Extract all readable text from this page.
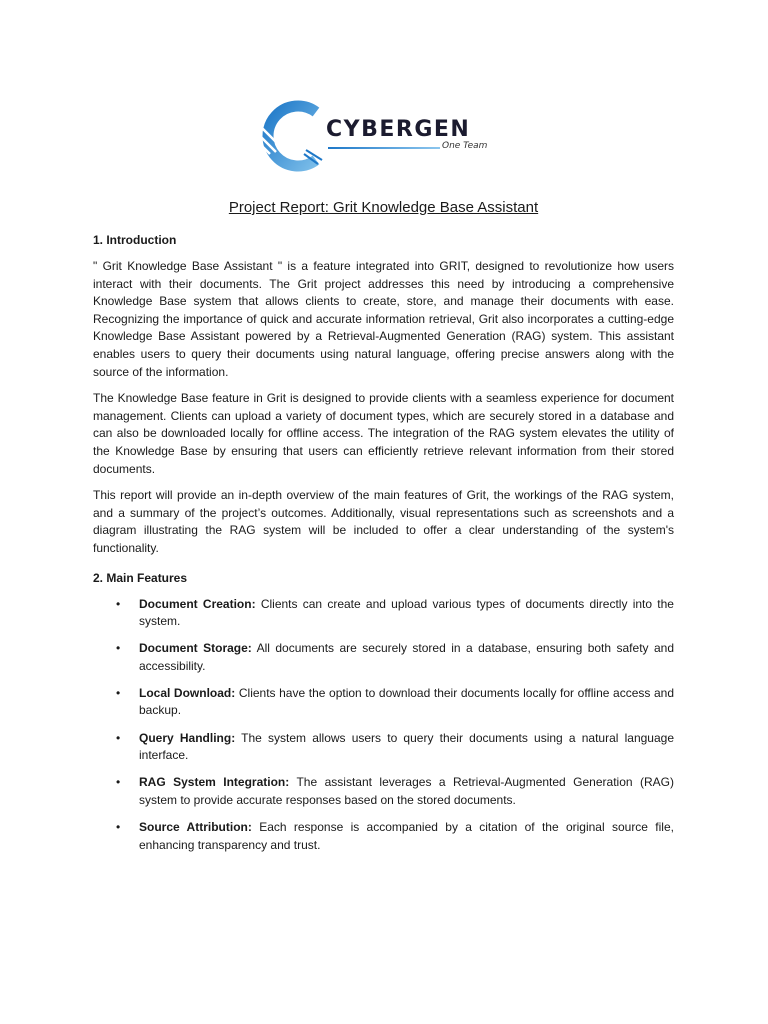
CYBERGEN
One Team
Project Report: Grit Knowledge Base Assistant
1. Introduction

" Grit Knowledge Base Assistant " is a feature integrated into GRIT, designed to revolutionize how users interact with their documents. The Grit project addresses this need by introducing a comprehensive Knowledge Base system that allows clients to create, store, and manage their documents with ease. Recognizing the importance of quick and accurate information retrieval, Grit also incorporates a cutting-edge Knowledge Base Assistant powered by a Retrieval-Augmented Generation (RAG) system. This assistant enables users to query their documents using natural language, offering precise answers along with the source of the information.

The Knowledge Base feature in Grit is designed to provide clients with a seamless experience for document management. Clients can upload a variety of document types, which are securely stored in a database and can also be downloaded locally for offline access. The integration of the RAG system elevates the utility of the Knowledge Base by ensuring that users can efficiently retrieve relevant information from their stored documents.

This report will provide an in-depth overview of the main features of Grit, the workings of the RAG system, and a summary of the project’s outcomes. Additionally, visual representations such as screenshots and a diagram illustrating the RAG system will be included to offer a clear understanding of the system's functionality.

2. Main Features
• Document Creation: Clients can create and upload various types of documents directly into the system.
• Document Storage: All documents are securely stored in a database, ensuring both safety and accessibility.
• Local Download: Clients have the option to download their documents locally for offline access and backup.
• Query Handling: The system allows users to query their documents using a natural language interface.
• RAG System Integration: The assistant leverages a Retrieval-Augmented Generation (RAG) system to provide accurate responses based on the stored documents.
• Source Attribution: Each response is accompanied by a citation of the original source file, enhancing transparency and trust.
